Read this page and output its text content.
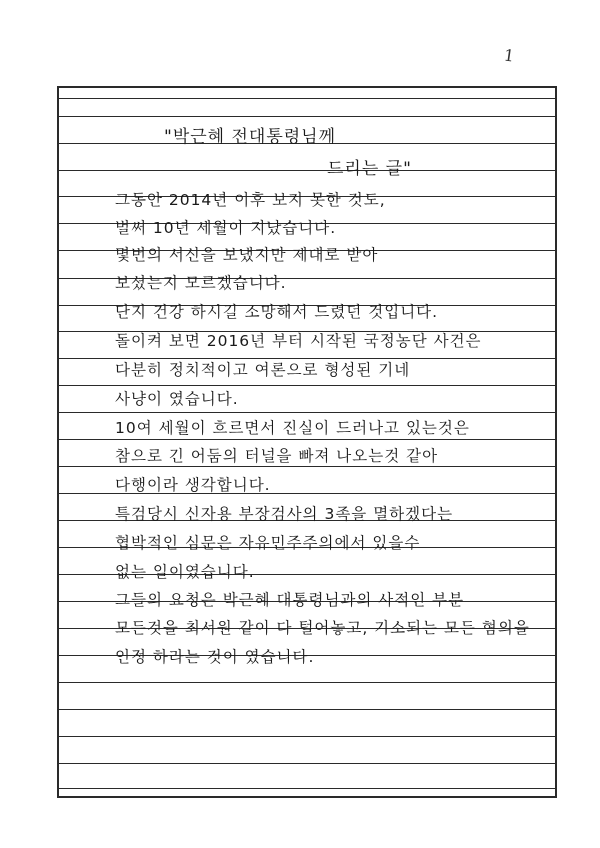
1
"박근혜 전대통령님께
드리는 글"
그동안 2014년 이후 보지 못한 것도,
벌써 10년 세월이 지났습니다.
몇번의 서신을 보냈지만 제대로 받아
보셨는지 모르겠습니다.
단지 건강 하시길 소망해서 드렸던 것입니다.
돌이켜 보면 2016년 부터 시작된 국정농단 사건은
다분히 정치적이고 여론으로 형성된 기네
사냥이 였습니다.
10여 세월이 흐르면서 진실이 드러나고 있는것은
참으로 긴 어둠의 터널을 빠져 나오는것 같아
다행이라 생각합니다.
특검당시 신자용 부장검사의 3족을 멸하겠다는
협박적인 심문은 자유민주주의에서 있을수
없는 일이였습니다.
그들의 요청은 박근혜 대통령님과의 사적인 부분
모든것을 최서원 같이 다 털어놓고, 기소되는 모든 혐의을
인정 하라는 것이 였습니다.
